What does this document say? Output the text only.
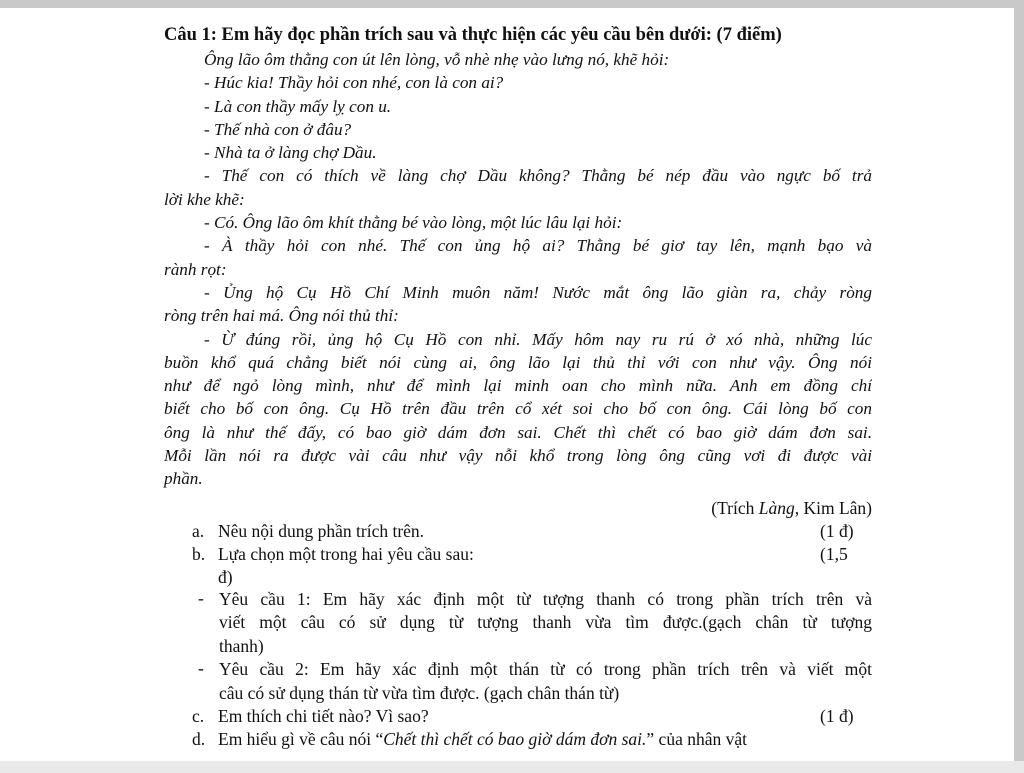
Câu 1: Em hãy đọc phần trích sau và thực hiện các yêu cầu bên dưới: (7 điểm)
Ông lão ôm thằng con út lên lòng, vỗ nhè nhẹ vào lưng nó, khẽ hỏi:
- Húc kia! Thầy hỏi con nhé, con là con ai?
- Là con thầy mấy lỵ con u.
- Thế nhà con ở đâu?
- Nhà ta ở làng chợ Dầu.
- Thế con có thích về làng chợ Dầu không? Thằng bé nép đầu vào ngực bố trả
lời khe khẽ:
- Có. Ông lão ôm khít thằng bé vào lòng, một lúc lâu lại hỏi:
- À thầy hỏi con nhé. Thế con ủng hộ ai? Thằng bé giơ tay lên, mạnh bạo và
rành rọt:
- Ủng hộ Cụ Hồ Chí Minh muôn năm! Nước mắt ông lão giàn ra, chảy ròng
ròng trên hai má. Ông nói thủ thỉ:
- Ừ đúng rồi, ủng hộ Cụ Hồ con nhỉ. Mấy hôm nay ru rú ở xó nhà, những lúc
buồn khổ quá chẳng biết nói cùng ai, ông lão lại thủ thỉ với con như vậy. Ông nói
như để ngỏ lòng mình, như để mình lại minh oan cho mình nữa. Anh em đồng chí
biết cho bố con ông. Cụ Hồ trên đầu trên cổ xét soi cho bố con ông. Cái lòng bố con
ông là như thế đấy, có bao giờ dám đơn sai. Chết thì chết có bao giờ dám đơn sai.
Mỗi lần nói ra được vài câu như vậy nỗi khổ trong lòng ông cũng vơi đi được vài
phần.
(Trích Làng, Kim Lân)
a. Nêu nội dung phần trích trên.	(1 đ)
b. Lựa chọn một trong hai yêu cầu sau:	(1,5
đ)
- Yêu cầu 1: Em hãy xác định một từ tượng thanh có trong phần trích trên và
viết một câu có sử dụng từ tượng thanh vừa tìm được.(gạch chân từ tượng
thanh)
- Yêu cầu 2: Em hãy xác định một thán từ có trong phần trích trên và viết một
câu có sử dụng thán từ vừa tìm được. (gạch chân thán từ)
c. Em thích chi tiết nào? Vì sao?	(1 đ)
d. Em hiểu gì về câu nói “Chết thì chết có bao giờ dám đơn sai.” của nhân vật
